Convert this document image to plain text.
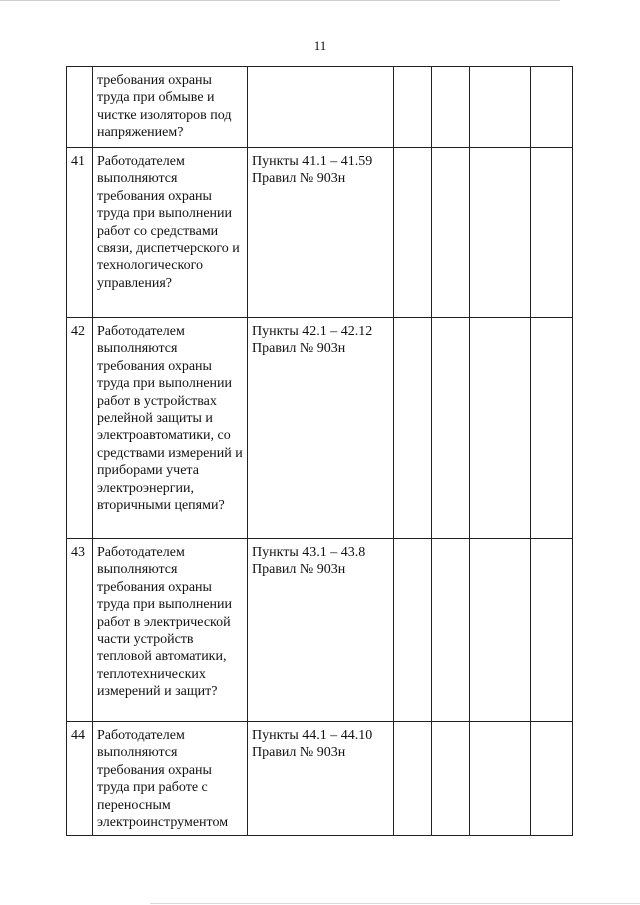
11
	требования охраны труда при обмыве и чистке изоляторов под напряжением?	

41	Работодателем выполняются требования охраны труда при выполнении работ со средствами связи, диспетчерского и технологического управления?	Пункты 41.1 – 41.59
Правил № 903н				

42	Работодателем выполняются требования охраны труда при выполнении работ в устройствах релейной защиты и электроавтоматики, со средствами измерений и приборами учета электроэнергии, вторичными цепями?	Пункты 42.1 – 42.12
Правил № 903н				

43	Работодателем выполняются требования охраны труда при выполнении работ в электрической части устройств тепловой автоматики, теплотехнических измерений и защит?	Пункты 43.1 – 43.8
Правил № 903н				

44	Работодателем выполняются требования охраны труда при работе с переносным электроинструментом	Пункты 44.1 – 44.10
Правил № 903н				
